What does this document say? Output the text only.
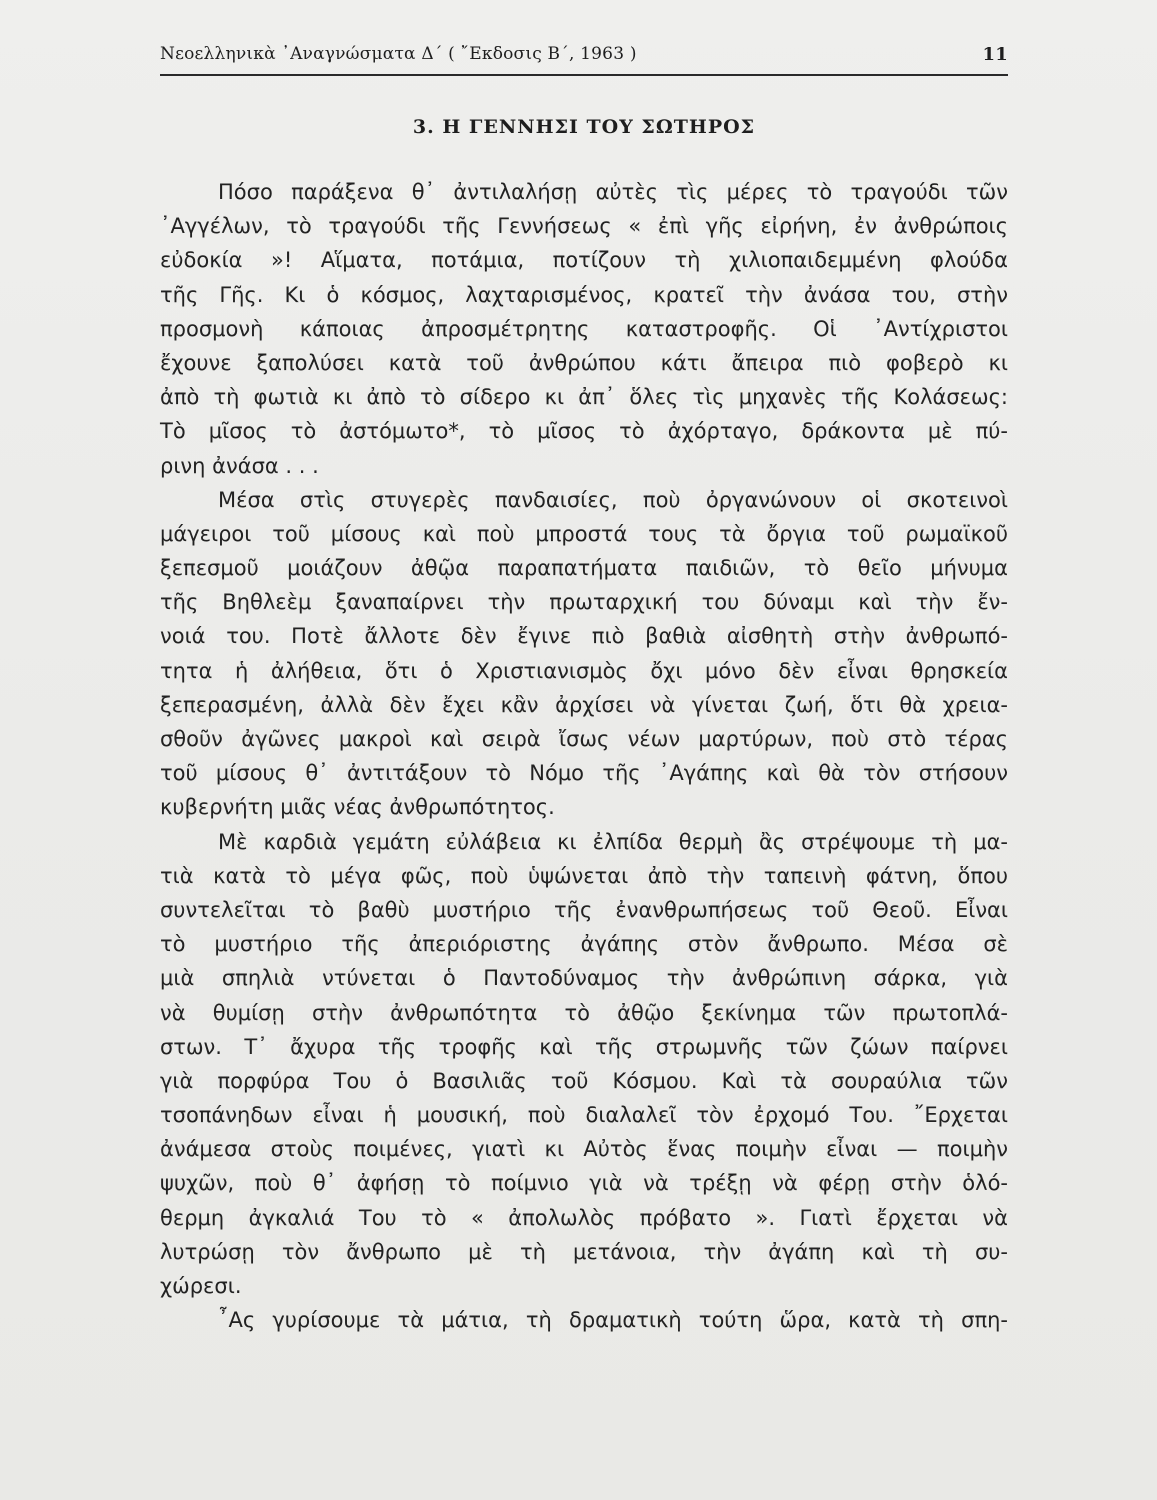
Νεοελληνικὰ ᾿Αναγνώσματα Δ΄ ( ῎Εκδοσις Β΄, 1963 )	11
3. Η ΓΕΝΝΗΣΙ ΤΟΥ ΣΩΤΗΡΟΣ
Πόσο παράξενα θ᾿ ἀντιλαλήσῃ αὐτὲς τὶς μέρες τὸ τραγούδι τῶν
᾿Αγγέλων, τὸ τραγούδι τῆς Γεννήσεως « ἐπὶ γῆς εἰρήνη, ἐν ἀνθρώποις
εὐδοκία »! Αἵματα, ποτάμια, ποτίζουν τὴ χιλιοπαιδεμμένη φλούδα
τῆς Γῆς. Κι ὁ κόσμος, λαχταρισμένος, κρατεῖ τὴν ἀνάσα του, στὴν
προσμονὴ κάποιας ἀπροσμέτρητης καταστροφῆς. Οἱ ᾿Αντίχριστοι
ἔχουνε ξαπολύσει κατὰ τοῦ ἀνθρώπου κάτι ἄπειρα πιὸ φοβερὸ κι
ἀπὸ τὴ φωτιὰ κι ἀπὸ τὸ σίδερο κι ἀπ᾿ ὅλες τὶς μηχανὲς τῆς Κολάσεως:
Τὸ μῖσος τὸ ἀστόμωτο*, τὸ μῖσος τὸ ἀχόρταγο, δράκοντα μὲ πύ-
ρινη ἀνάσα . . .
Μέσα στὶς στυγερὲς πανδαισίες, ποὺ ὀργανώνουν οἱ σκοτεινοὶ
μάγειροι τοῦ μίσους καὶ ποὺ μπροστά τους τὰ ὄργια τοῦ ρωμαϊκοῦ
ξεπεσμοῦ μοιάζουν ἀθῷα παραπατήματα παιδιῶν, τὸ θεῖο μήνυμα
τῆς Βηθλεὲμ ξαναπαίρνει τὴν πρωταρχική του δύναμι καὶ τὴν ἔν-
νοιά του. Ποτὲ ἄλλοτε δὲν ἔγινε πιὸ βαθιὰ αἰσθητὴ στὴν ἀνθρωπό-
τητα ἡ ἀλήθεια, ὅτι ὁ Χριστιανισμὸς ὄχι μόνο δὲν εἶναι θρησκεία
ξεπερασμένη, ἀλλὰ δὲν ἔχει κἂν ἀρχίσει νὰ γίνεται ζωή, ὅτι θὰ χρεια-
σθοῦν ἀγῶνες μακροὶ καὶ σειρὰ ἴσως νέων μαρτύρων, ποὺ στὸ τέρας
τοῦ μίσους θ᾿ ἀντιτάξουν τὸ Νόμο τῆς ᾿Αγάπης καὶ θὰ τὸν στήσουν
κυβερνήτη μιᾶς νέας ἀνθρωπότητος.
Μὲ καρδιὰ γεμάτη εὐλάβεια κι ἐλπίδα θερμὴ ἂς στρέψουμε τὴ μα-
τιὰ κατὰ τὸ μέγα φῶς, ποὺ ὑψώνεται ἀπὸ τὴν ταπεινὴ φάτνη, ὅπου
συντελεῖται τὸ βαθὺ μυστήριο τῆς ἐνανθρωπήσεως τοῦ Θεοῦ. Εἶναι
τὸ μυστήριο τῆς ἀπεριόριστης ἀγάπης στὸν ἄνθρωπο. Μέσα σὲ
μιὰ σπηλιὰ ντύνεται ὁ Παντοδύναμος τὴν ἀνθρώπινη σάρκα, γιὰ
νὰ θυμίσῃ στὴν ἀνθρωπότητα τὸ ἀθῷο ξεκίνημα τῶν πρωτοπλά-
στων. Τ᾿ ἄχυρα τῆς τροφῆς καὶ τῆς στρωμνῆς τῶν ζώων παίρνει
γιὰ πορφύρα Του ὁ Βασιλιᾶς τοῦ Κόσμου. Καὶ τὰ σουραύλια τῶν
τσοπάνηδων εἶναι ἡ μουσική, ποὺ διαλαλεῖ τὸν ἐρχομό Του. ῎Ερχεται
ἀνάμεσα στοὺς ποιμένες, γιατὶ κι Αὐτὸς ἕνας ποιμὴν εἶναι — ποιμὴν
ψυχῶν, ποὺ θ᾿ ἀφήσῃ τὸ ποίμνιο γιὰ νὰ τρέξῃ νὰ φέρῃ στὴν ὁλό-
θερμη ἀγκαλιά Του τὸ « ἀπολωλὸς πρόβατο ». Γιατὶ ἔρχεται νὰ
λυτρώσῃ τὸν ἄνθρωπο μὲ τὴ μετάνοια, τὴν ἀγάπη καὶ τὴ συ-
χώρεσι.
῏Ας γυρίσουμε τὰ μάτια, τὴ δραματικὴ τούτη ὥρα, κατὰ τὴ σπη-
